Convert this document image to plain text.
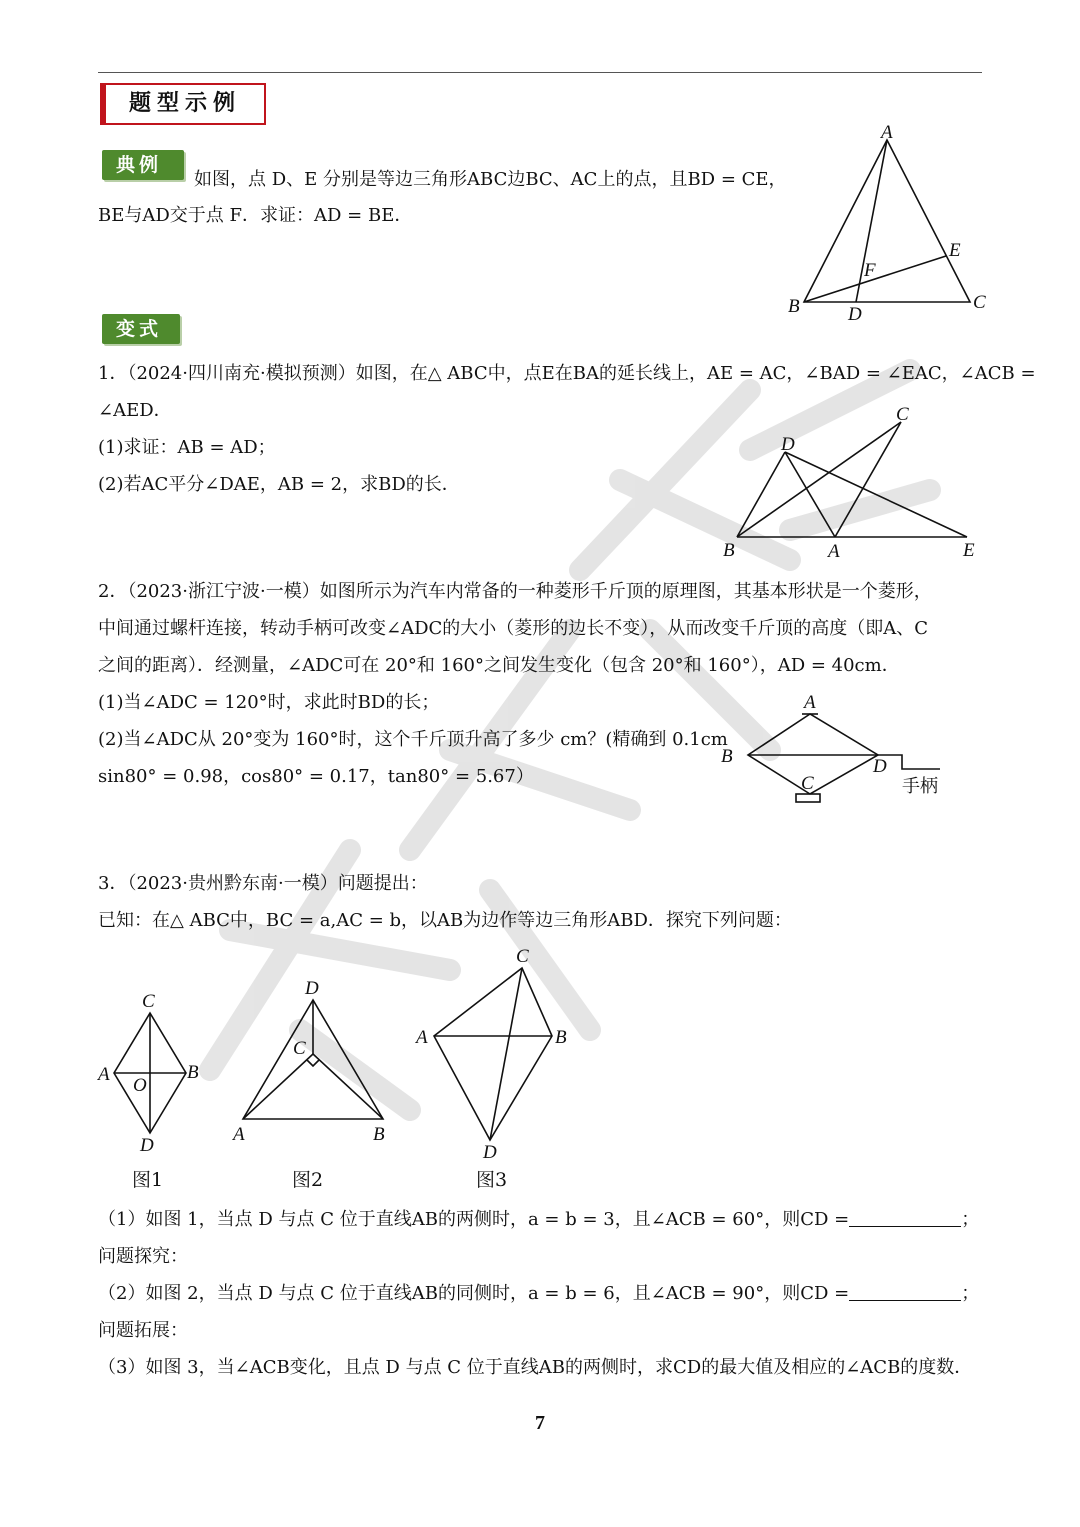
题型示例
典例
如图，点 D、E 分别是等边三角形ABC边BC、AC上的点，且BD = CE，
BE与AD交于点 F．求证：AD = BE．
A
B	C
D
E
F
变式
1．（2024·四川南充·模拟预测）如图，在△ ABC中，点E在BA的延长线上，AE = AC，∠BAD = ∠EAC，∠ACB =
∠AED．
(1)求证：AB = AD；
(2)若AC平分∠DAE，AB = 2，求BD的长．
B	A	E
D
C
2．（2023·浙江宁波·一模）如图所示为汽车内常备的一种菱形千斤顶的原理图，其基本形状是一个菱形，
中间通过螺杆连接，转动手柄可改变∠ADC的大小（菱形的边长不变），从而改变千斤顶的高度（即A、C
之间的距离）．经测量，∠ADC可在 20°和 160°之间发生变化（包含 20°和 160°），AD = 40cm．
(1)当∠ADC = 120°时，求此时BD的长；
(2)当∠ADC从 20°变为 160°时，这个千斤顶升高了多少 cm？(精确到 0.1cm
sin80° = 0.98，cos80° = 0.17，tan80° = 5.67）
A
B
C
D
手柄
3．（2023·贵州黔东南·一模）问题提出：
已知：在△ ABC中，BC = a,AC = b，以AB为边作等边三角形ABD．探究下列问题：
C
A	B
O
D
图1
D
C
A	B
图2
C
A	B
D
图3
（1）如图 1，当点 D 与点 C 位于直线AB的两侧时，a = b = 3，且∠ACB = 60°，则CD =	；
问题探究：
（2）如图 2，当点 D 与点 C 位于直线AB的同侧时，a = b = 6，且∠ACB = 90°，则CD =	；
问题拓展：
（3）如图 3，当∠ACB变化，且点 D 与点 C 位于直线AB的两侧时，求CD的最大值及相应的∠ACB的度数．
7
